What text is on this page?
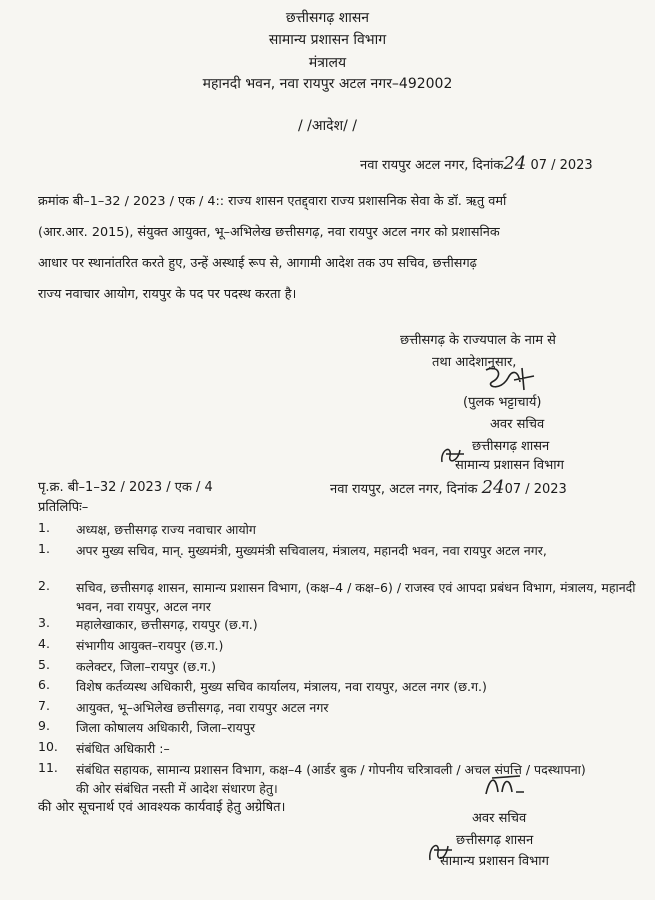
छत्तीसगढ़ शासन
सामान्य प्रशासन विभाग
मंत्रालय
महानदी भवन, नवा रायपुर अटल नगर–492002
/ /आदेश/ /
नवा रायपुर अटल नगर, दिनांक24 07 / 2023
क्रमांक बी–1–32 / 2023 / एक / 4:: राज्य शासन एतद्द्वारा राज्य प्रशासनिक सेवा के डॉ. ऋतु वर्मा
(आर.आर. 2015), संयुक्त आयुक्त, भू–अभिलेख छत्तीसगढ़, नवा रायपुर अटल नगर को प्रशासनिक
आधार पर स्थानांतरित करते हुए, उन्हें अस्थाई रूप से, आगामी आदेश तक उप सचिव, छत्तीसगढ़
राज्य नवाचार आयोग, रायपुर के पद पर पदस्थ करता है।
छत्तीसगढ़ के राज्यपाल के नाम से
तथा आदेशानुसार,
(पुलक भट्टाचार्य)
अवर सचिव
छत्तीसगढ़ शासन
सामान्य प्रशासन विभाग
पृ.क्र. बी–1–32 / 2023 / एक / 4	नवा रायपुर, अटल नगर, दिनांक 2407 / 2023
प्रतिलिपिः–
1. अध्यक्ष, छत्तीसगढ़ राज्य नवाचार आयोग
1. अपर मुख्य सचिव, मान्. मुख्यमंत्री, मुख्यमंत्री सचिवालय, मंत्रालय, महानदी भवन, नवा रायपुर अटल नगर,
2. सचिव, छत्तीसगढ़ शासन, सामान्य प्रशासन विभाग, (कक्ष–4 / कक्ष–6) / राजस्व एवं आपदा प्रबंधन विभाग, मंत्रालय, महानदी भवन, नवा रायपुर, अटल नगर
3. महालेखाकार, छत्तीसगढ़, रायपुर (छ.ग.)
4. संभागीय आयुक्त–रायपुर (छ.ग.)
5. कलेक्टर, जिला–रायपुर (छ.ग.)
6. विशेष कर्तव्यस्थ अधिकारी, मुख्य सचिव कार्यालय, मंत्रालय, नवा रायपुर, अटल नगर (छ.ग.)
7. आयुक्त, भू–अभिलेख छत्तीसगढ़, नवा रायपुर अटल नगर
9. जिला कोषालय अधिकारी, जिला–रायपुर
10. संबंधित अधिकारी :–
11. संबंधित सहायक, सामान्य प्रशासन विभाग, कक्ष–4 (आर्डर बुक / गोपनीय चरित्रावली / अचल संपत्ति / पदस्थापना) की ओर संबंधित नस्ती में आदेश संधारण हेतु।
की ओर सूचनार्थ एवं आवश्यक कार्यवाई हेतु अग्रेषित।
अवर सचिव
छत्तीसगढ़ शासन
सामान्य प्रशासन विभाग
